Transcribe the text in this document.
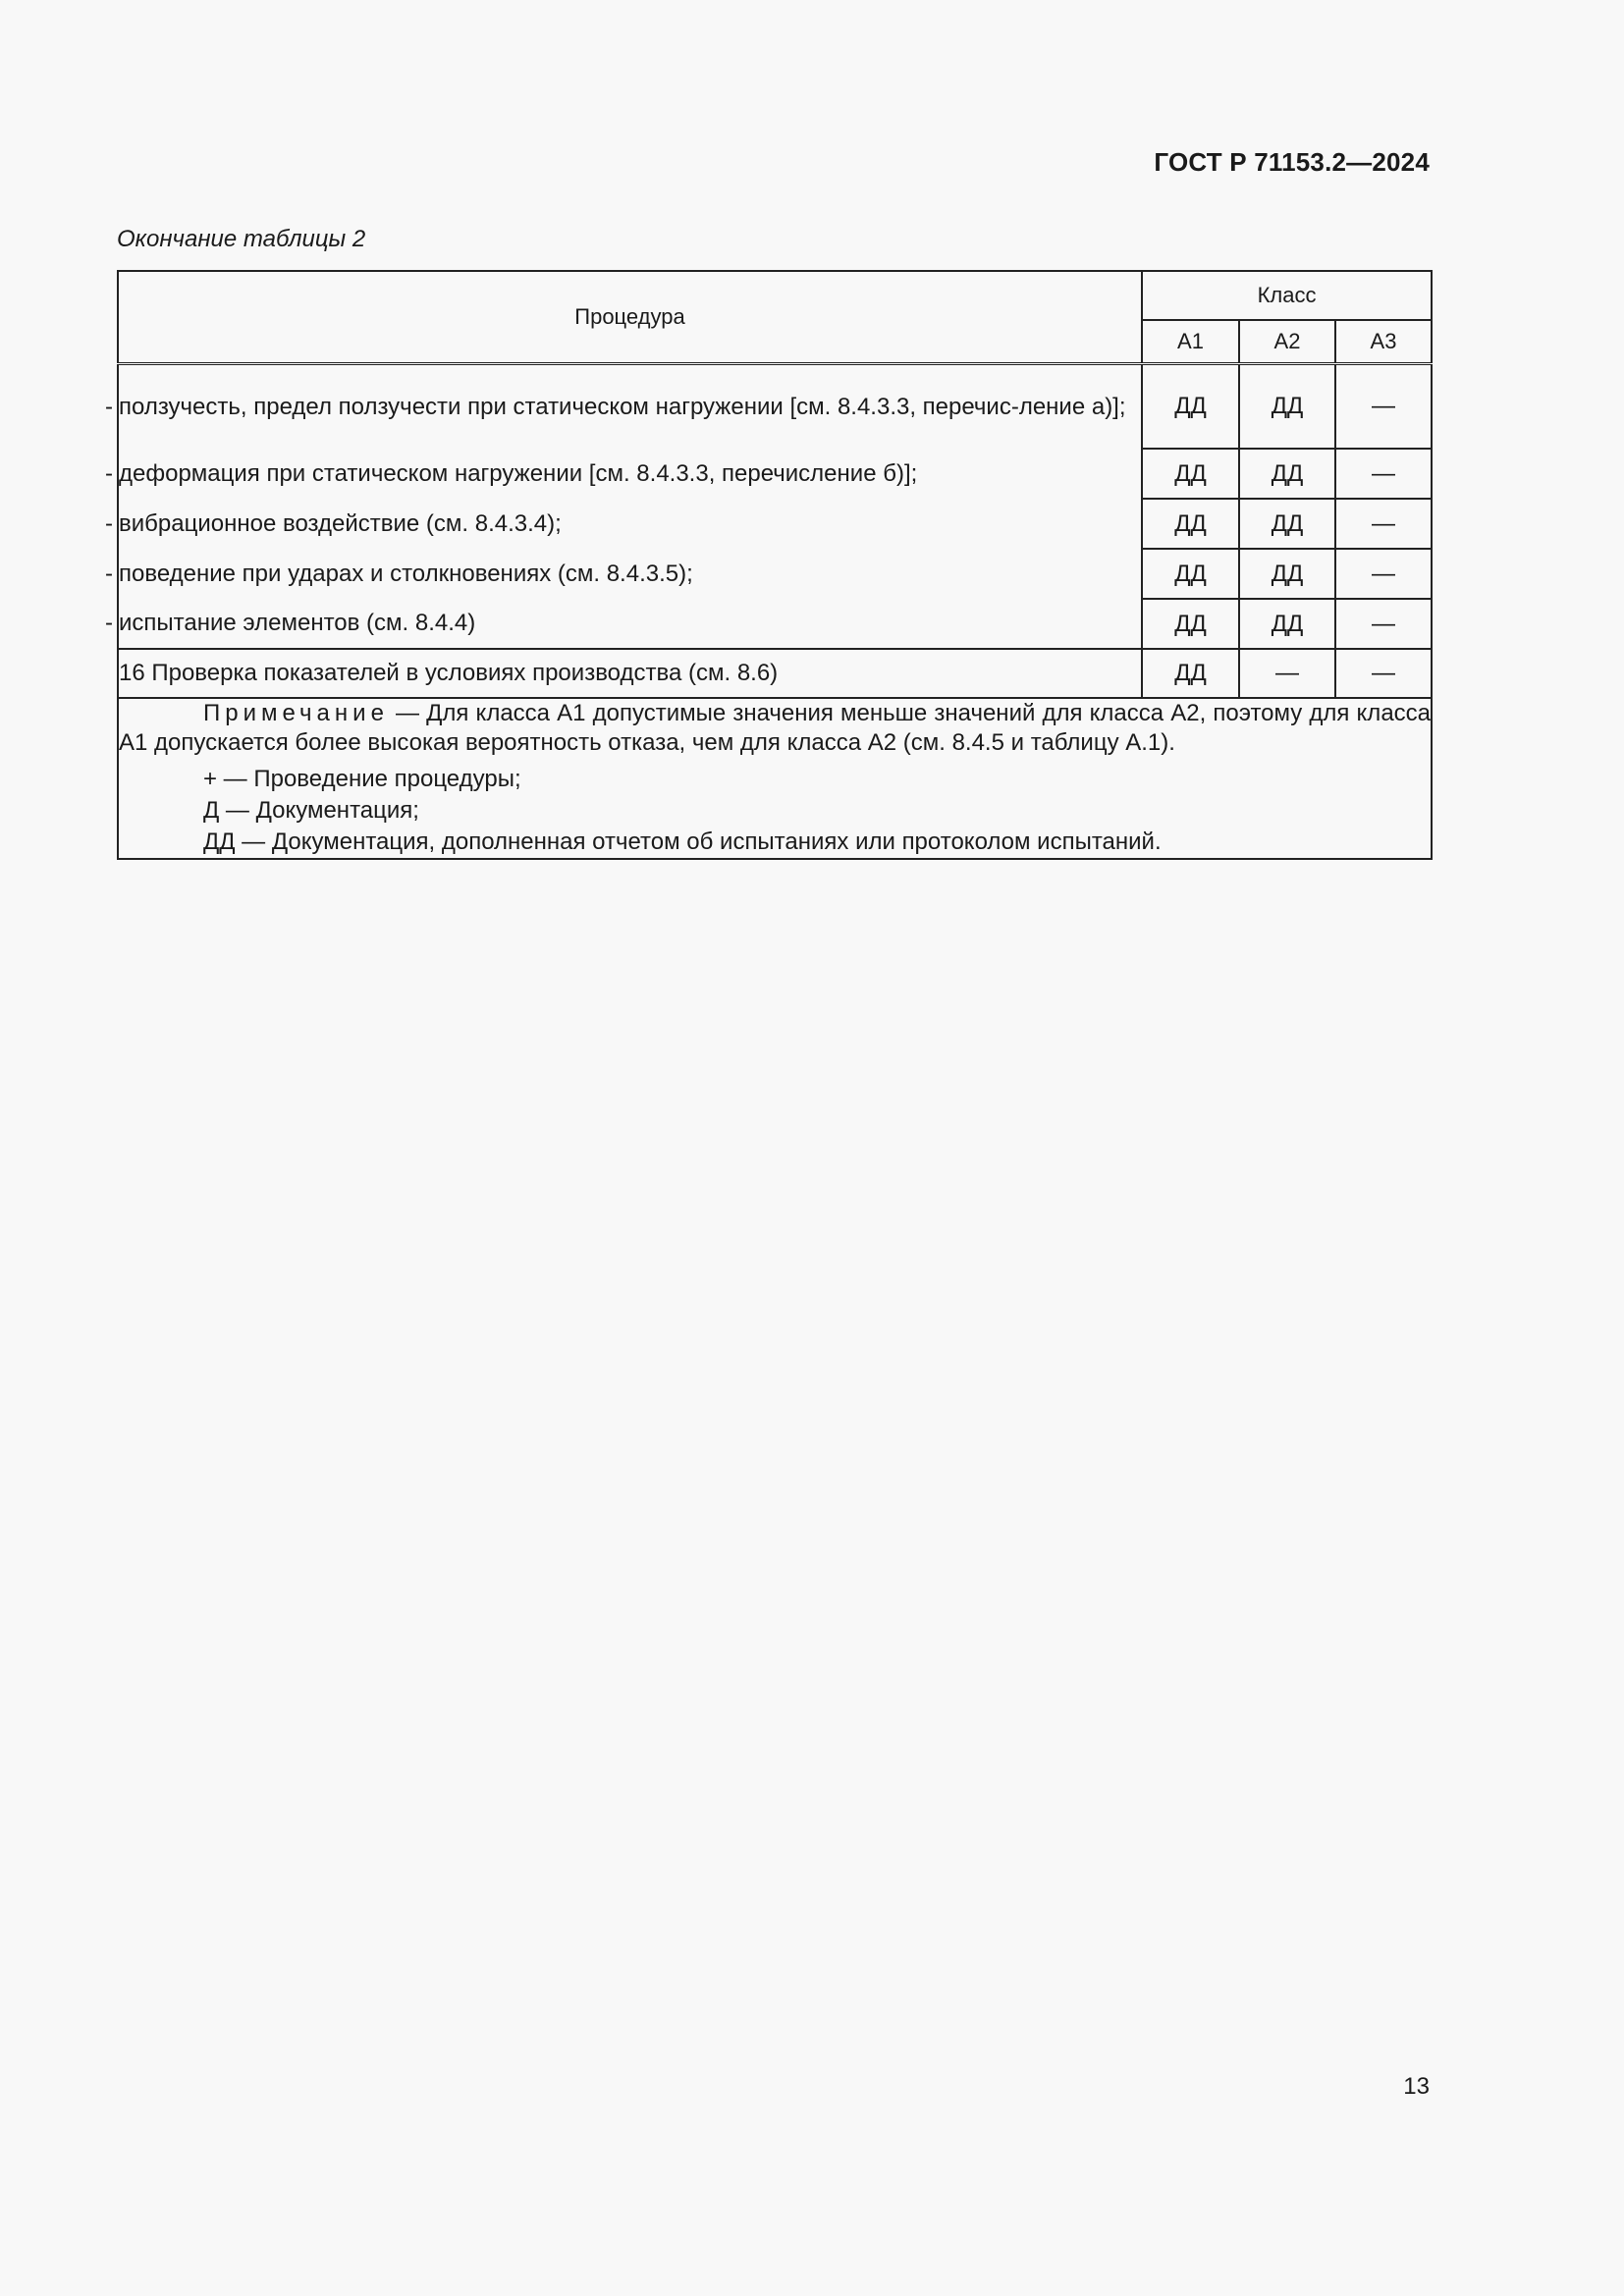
ГОСТ Р 71153.2—2024
Окончание таблицы 2
Процедура	Класс		
	А1	А2	А3
- ползучесть, предел ползучести при статическом нагружении [см. 8.4.3.3, перечис-ление а)];	ДД	ДД	—
- деформация при статическом нагружении [см. 8.4.3.3, перечисление б)];	ДД	ДД	—
- вибрационное воздействие (см. 8.4.3.4);	ДД	ДД	—
- поведение при ударах и столкновениях (см. 8.4.3.5);	ДД	ДД	—
- испытание элементов (см. 8.4.4)	ДД	ДД	—
16 Проверка показателей в условиях производства (см. 8.6)	ДД	—	—

Примечание — Для класса А1 допустимые значения меньше значений для класса А2, поэтому для класса А1 допускается более высокая вероятность отказа, чем для класса А2 (см. 8.4.5 и таблицу А.1).

+ — Проведение процедуры;
Д — Документация;
ДД — Документация, дополненная отчетом об испытаниях или протоколом испытаний.			
13
